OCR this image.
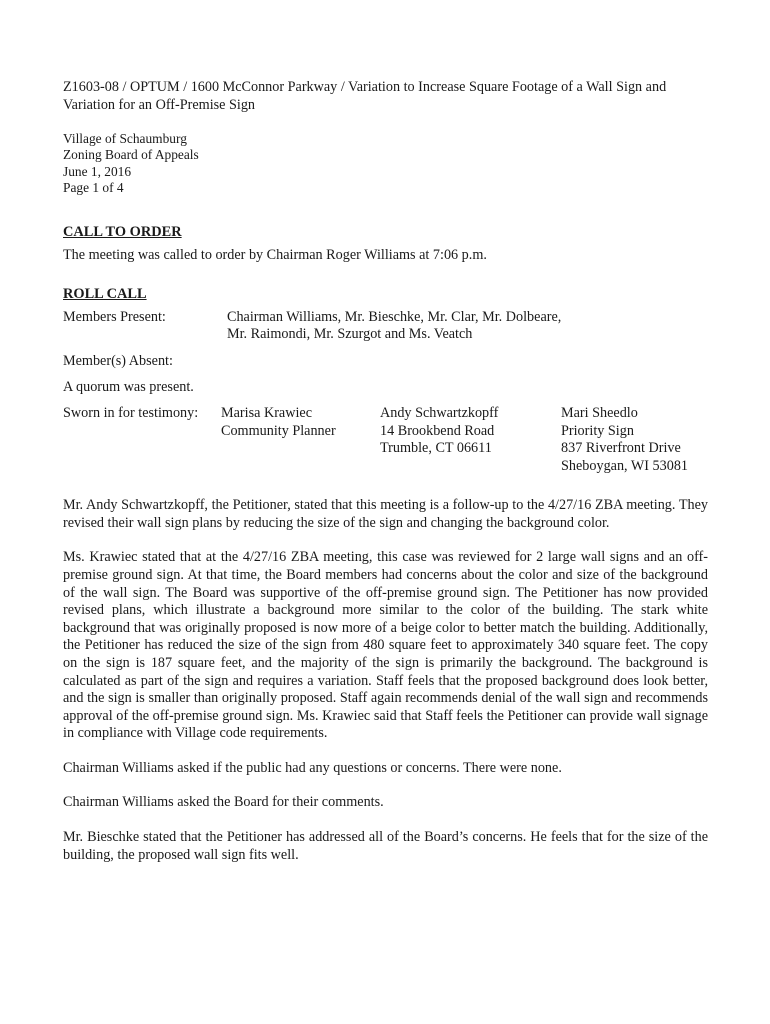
Z1603-08 / OPTUM / 1600 McConnor Parkway / Variation to Increase Square Footage of a Wall Sign and Variation for an Off-Premise Sign

Village of Schaumburg
Zoning Board of Appeals
June 1, 2016
Page 1 of 4
CALL TO ORDER

The meeting was called to order by Chairman Roger Williams at 7:06 p.m.

ROLL CALL
Members Present:	Chairman Williams, Mr. Bieschke, Mr. Clar, Mr. Dolbeare,
Mr. Raimondi, Mr. Szurgot and Ms. Veatch

Member(s) Absent:

A quorum was present.

Sworn in for testimony: Marisa Krawiec
Community Planner
Andy Schwartzkopff
14 Brookbend Road
Trumble, CT 06611
Mari Sheedlo
Priority Sign
837 Riverfront Drive
Sheboygan, WI 53081

Mr. Andy Schwartzkopff, the Petitioner, stated that this meeting is a follow-up to the 4/27/16 ZBA meeting. They revised their wall sign plans by reducing the size of the sign and changing the background color.

Ms. Krawiec stated that at the 4/27/16 ZBA meeting, this case was reviewed for 2 large wall signs and an off-premise ground sign. At that time, the Board members had concerns about the color and size of the background of the wall sign. The Board was supportive of the off-premise ground sign. The Petitioner has now provided revised plans, which illustrate a background more similar to the color of the building. The stark white background that was originally proposed is now more of a beige color to better match the building. Additionally, the Petitioner has reduced the size of the sign from 480 square feet to approximately 340 square feet. The copy on the sign is 187 square feet, and the majority of the sign is primarily the background. The background is calculated as part of the sign and requires a variation. Staff feels that the proposed background does look better, and the sign is smaller than originally proposed. Staff again recommends denial of the wall sign and recommends approval of the off-premise ground sign. Ms. Krawiec said that Staff feels the Petitioner can provide wall signage in compliance with Village code requirements.

Chairman Williams asked if the public had any questions or concerns. There were none.

Chairman Williams asked the Board for their comments.

Mr. Bieschke stated that the Petitioner has addressed all of the Board’s concerns. He feels that for the size of the building, the proposed wall sign fits well.
